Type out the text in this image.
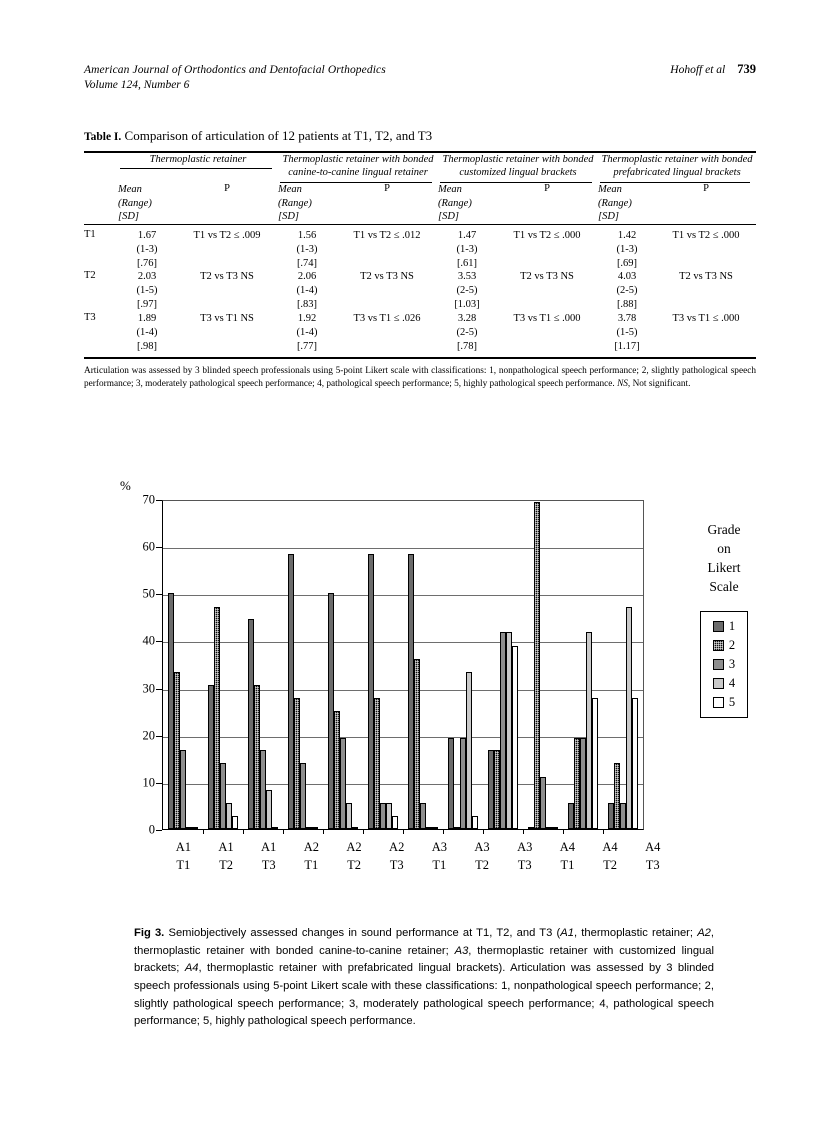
American Journal of Orthodontics and Dentofacial Orthopedics	Hohoff et al 739
Volume 124, Number 6
Table I. Comparison of articulation of 12 patients at T1, T2, and T3
	Thermoplastic retainer		Thermoplastic retainer with bonded canine-to-canine lingual retainer		Thermoplastic retainer with bonded customized lingual brackets		Thermoplastic retainer with bonded prefabricated lingual brackets	

Mean
(Range)
[SD]
	P	Mean
(Range)
[SD]
	P	Mean
(Range)
[SD]
	P	Mean
(Range)
[SD]
	P
T1	1.67
(1-3)
[.76]
	T1 vs T2 ≤ .009	1.56
(1-3)
[.74]
	T1 vs T2 ≤ .012	1.47
(1-3)
[.61]
	T1 vs T2 ≤ .000	1.42
(1-3)
[.69]
	T1 vs T2 ≤ .000
T2	2.03
(1-5)
[.97]
	T2 vs T3 NS	2.06
(1-4)
[.83]
	T2 vs T3 NS	3.53
(2-5)
[1.03]
	T2 vs T3 NS	4.03
(2-5)
[.88]
	T2 vs T3 NS
T3	1.89
(1-4)
[.98]
	T3 vs T1 NS	1.92
(1-4)
[.77]
	T3 vs T1 ≤ .026	3.28
(2-5)
[.78]
	T3 vs T1 ≤ .000	3.78
(1-5)
[1.17]
	T3 vs T1 ≤ .000

Articulation was assessed by 3 blinded speech professionals using 5-point Likert scale with classifications: 1, nonpathological speech performance; 2, slightly pathological speech performance; 3, moderately pathological speech performance; 4, pathological speech performance; 5, highly pathological speech performance. NS, Not significant.
%
0
10
20
30
40
50
60
70
A1
T1
A1
T2
A1
T3
A2
T1
A2
T2
A2
T3
A3
T1
A3
T2
A3
T3
A4
T1
A4
T2
A4
T3
Grade
on
Likert
Scale
1
2
3
4
5
Fig 3. Semiobjectively assessed changes in sound performance at T1, T2, and T3 (A1, thermoplastic retainer; A2, thermoplastic retainer with bonded canine-to-canine retainer; A3, thermoplastic retainer with customized lingual brackets; A4, thermoplastic retainer with prefabricated lingual brackets). Articulation was assessed by 3 blinded speech professionals using 5-point Likert scale with these classifications: 1, nonpathological speech performance; 2, slightly pathological speech performance; 3, moderately pathological speech performance; 4, pathological speech performance; 5, highly pathological speech performance.
